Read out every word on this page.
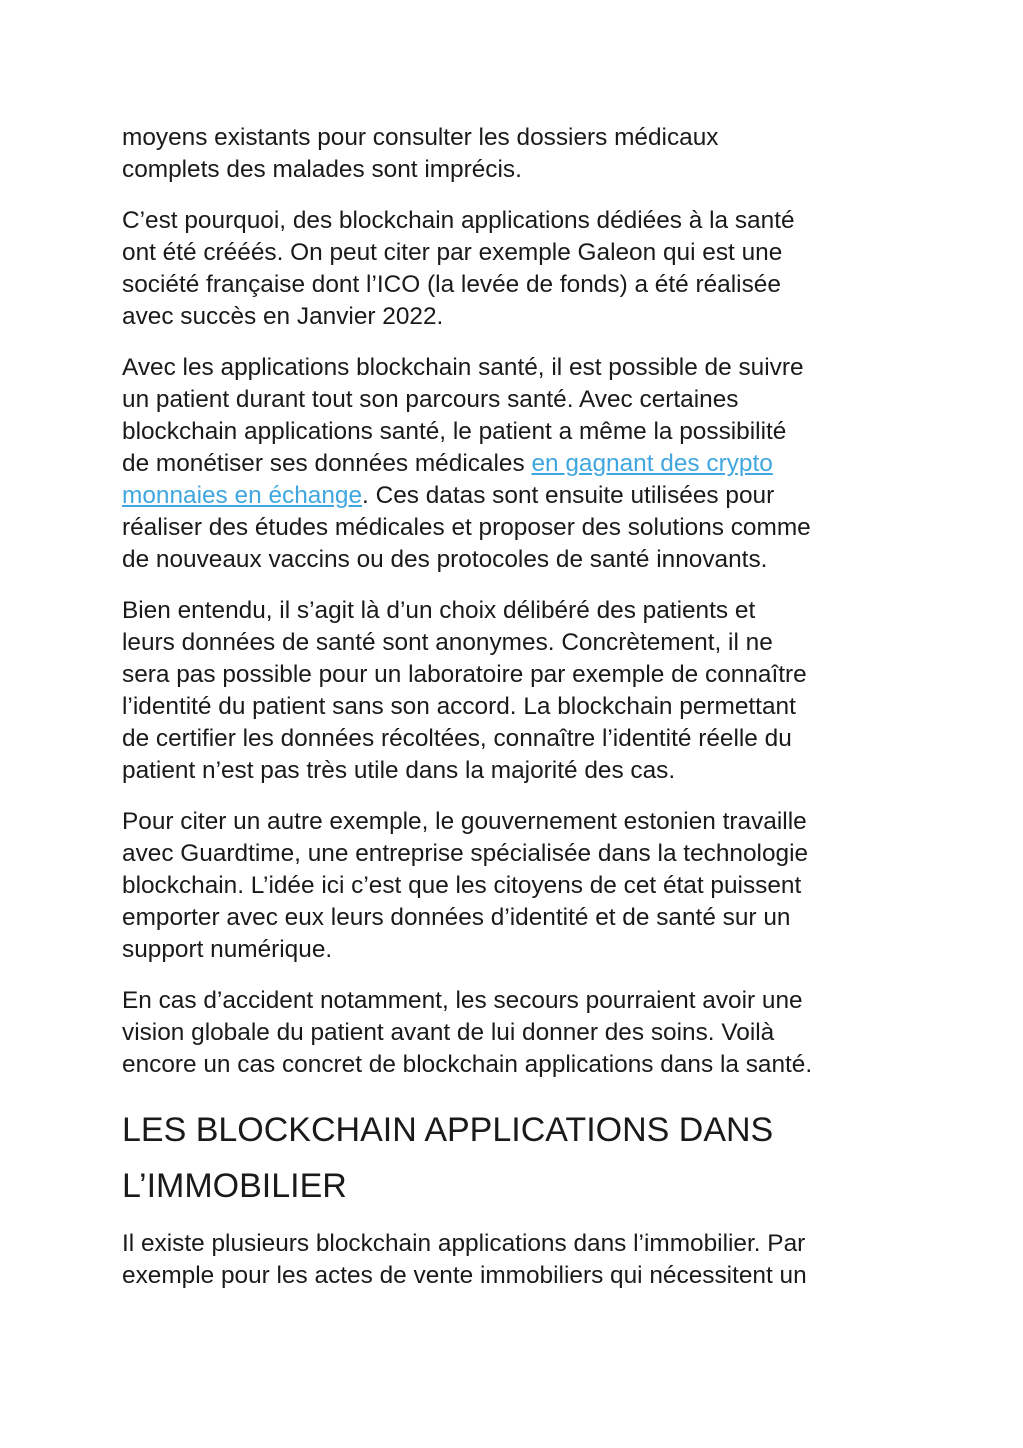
moyens existants pour consulter les dossiers médicaux
complets des malades sont imprécis.

C’est pourquoi, des blockchain applications dédiées à la santé
ont été crééés. On peut citer par exemple Galeon qui est une
société française dont l’ICO (la levée de fonds) a été réalisée
avec succès en Janvier 2022.

Avec les applications blockchain santé, il est possible de suivre
un patient durant tout son parcours santé. Avec certaines
blockchain applications santé, le patient a même la possibilité
de monétiser ses données médicales en gagnant des crypto
monnaies en échange. Ces datas sont ensuite utilisées pour
réaliser des études médicales et proposer des solutions comme
de nouveaux vaccins ou des protocoles de santé innovants.

Bien entendu, il s’agit là d’un choix délibéré des patients et
leurs données de santé sont anonymes. Concrètement, il ne
sera pas possible pour un laboratoire par exemple de connaître
l’identité du patient sans son accord. La blockchain permettant
de certifier les données récoltées, connaître l’identité réelle du
patient n’est pas très utile dans la majorité des cas.

Pour citer un autre exemple, le gouvernement estonien travaille
avec Guardtime, une entreprise spécialisée dans la technologie
blockchain. L’idée ici c’est que les citoyens de cet état puissent
emporter avec eux leurs données d’identité et de santé sur un
support numérique.

En cas d’accident notamment, les secours pourraient avoir une
vision globale du patient avant de lui donner des soins. Voilà
encore un cas concret de blockchain applications dans la santé.

LES BLOCKCHAIN APPLICATIONS DANS
L’IMMOBILIER

Il existe plusieurs blockchain applications dans l’immobilier. Par
exemple pour les actes de vente immobiliers qui nécessitent un
